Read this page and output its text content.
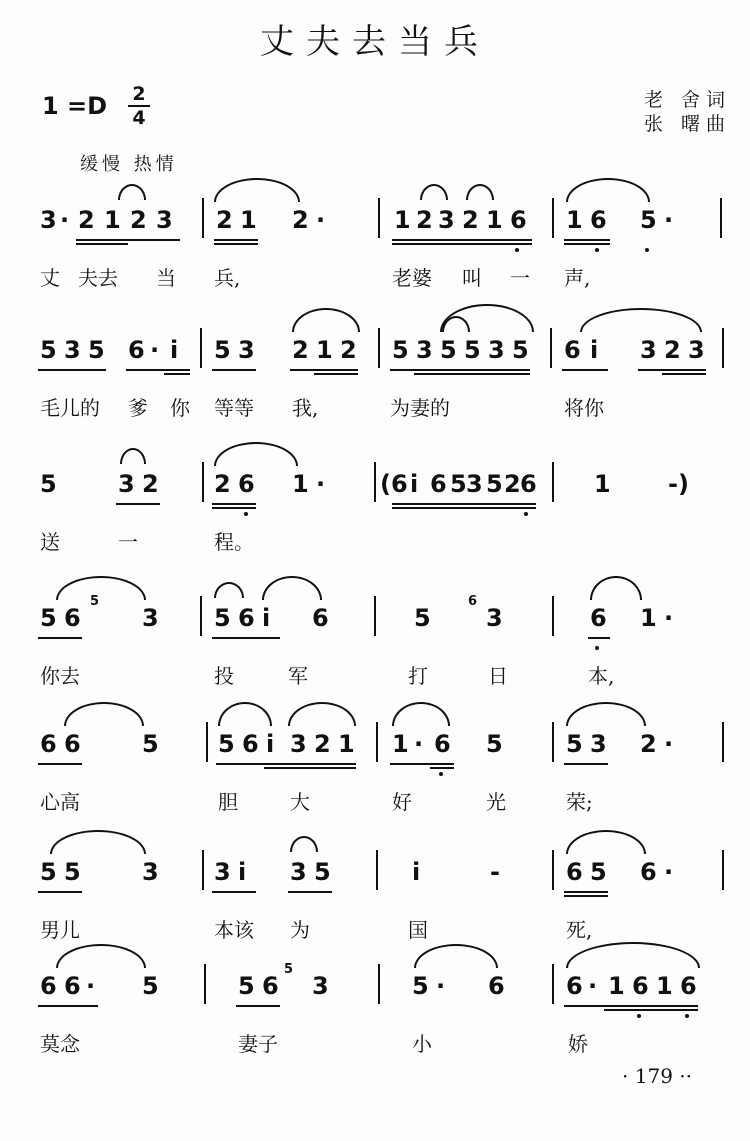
丈夫去当兵
1 =D 2
4
老 舍词
张 曙曲
缓慢 热情
3 · 2 1 2 3 2 1 2 ·	1 2 3 2 1 6 1 6 5 ·
丈 夫去 当 兵,	老婆 叫 一 声,
5 3 5 6 · i 5 3 2 1 2 5 3 5 5 3 5 6 i 3 2 3
毛儿的 爹 你 等等 我,	为妻的	将你
5	3 2 2 6 1 · (6 i 6 5 3 5 2 6 1 -)
送	一	程。
5 6
5
3 5 6 i 6	5
6
3	6 1 ·
你去	投	军	打	日	本,
6 6	5 5 6 i 3 2 1 1 · 6 5	5 3 2 ·
心高	胆	大	好	光	荣;
5 5	3 3 i 3 5	i	-	6 5 6 ·
男儿	本该 为	国	死,
6 6 · 5	5 6
5
3	5 · 6	6 · 1 6 1 6
莫念	妻子	小	娇
· 179 ··
